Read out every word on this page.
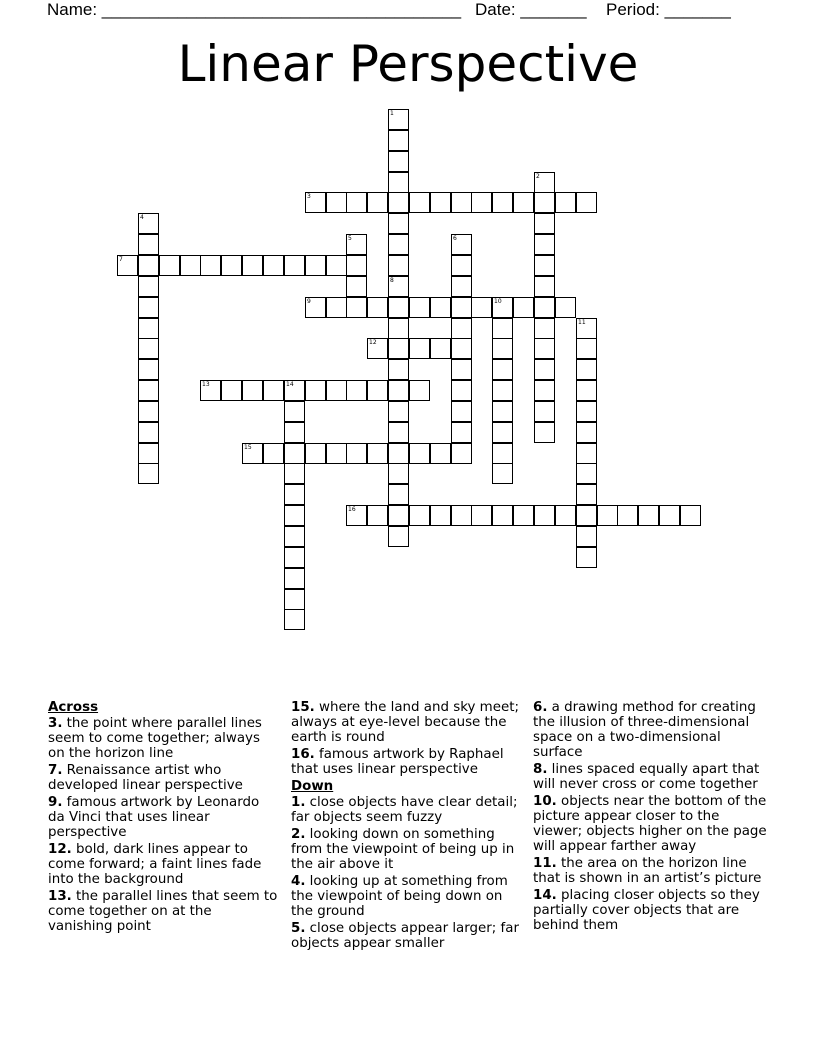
Name: ______________________________________ Date: _______ Period: _______
Linear Perspective
1
8
2
3
4
5	6
7
9	10
11
12
13	14
15
16
Across
3. the point where parallel lines seem to come together; always on the horizon line
7. Renaissance artist who developed linear perspective
9. famous artwork by Leonardo da Vinci that uses linear perspective
12. bold, dark lines appear to come forward; a faint lines fade into the background
13. the parallel lines that seem to come together on at the vanishing point
15. where the land and sky meet; always at eye-level because the earth is round
16. famous artwork by Raphael that uses linear perspective
Down
1. close objects have clear detail; far objects seem fuzzy
2. looking down on something from the viewpoint of being up in the air above it
4. looking up at something from the viewpoint of being down on the ground
5. close objects appear larger; far objects appear smaller
6. a drawing method for creating the illusion of three-dimensional space on a two-dimensional surface
8. lines spaced equally apart that will never cross or come together
10. objects near the bottom of the picture appear closer to the viewer; objects higher on the page will appear farther away
11. the area on the horizon line that is shown in an artist’s picture
14. placing closer objects so they partially cover objects that are behind them
